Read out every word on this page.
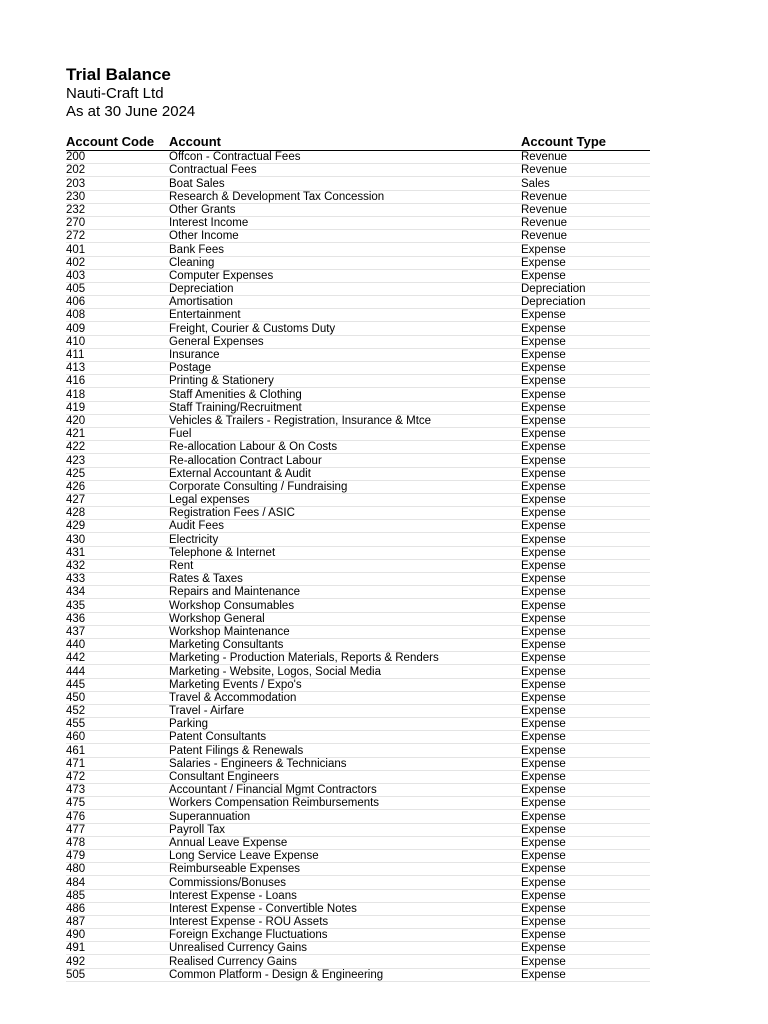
Trial Balance
Nauti-Craft Ltd
As at 30 June 2024
Account Code	Account	Account Type
200	Offcon - Contractual Fees	Revenue
202	Contractual Fees	Revenue
203	Boat Sales	Sales
230	Research & Development Tax Concession	Revenue
232	Other Grants	Revenue
270	Interest Income	Revenue
272	Other Income	Revenue
401	Bank Fees	Expense
402	Cleaning	Expense
403	Computer Expenses	Expense
405	Depreciation	Depreciation
406	Amortisation	Depreciation
408	Entertainment	Expense
409	Freight, Courier & Customs Duty	Expense
410	General Expenses	Expense
411	Insurance	Expense
413	Postage	Expense
416	Printing & Stationery	Expense
418	Staff Amenities & Clothing	Expense
419	Staff Training/Recruitment	Expense
420	Vehicles & Trailers - Registration, Insurance & Mtce	Expense
421	Fuel	Expense
422	Re-allocation Labour & On Costs	Expense
423	Re-allocation Contract Labour	Expense
425	External Accountant & Audit	Expense
426	Corporate Consulting / Fundraising	Expense
427	Legal expenses	Expense
428	Registration Fees / ASIC	Expense
429	Audit Fees	Expense
430	Electricity	Expense
431	Telephone & Internet	Expense
432	Rent	Expense
433	Rates & Taxes	Expense
434	Repairs and Maintenance	Expense
435	Workshop Consumables	Expense
436	Workshop General	Expense
437	Workshop Maintenance	Expense
440	Marketing Consultants	Expense
442	Marketing - Production Materials, Reports & Renders	Expense
444	Marketing - Website, Logos, Social Media	Expense
445	Marketing Events / Expo's	Expense
450	Travel & Accommodation	Expense
452	Travel - Airfare	Expense
455	Parking	Expense
460	Patent Consultants	Expense
461	Patent Filings & Renewals	Expense
471	Salaries - Engineers & Technicians	Expense
472	Consultant Engineers	Expense
473	Accountant / Financial Mgmt Contractors	Expense
475	Workers Compensation Reimbursements	Expense
476	Superannuation	Expense
477	Payroll Tax	Expense
478	Annual Leave Expense	Expense
479	Long Service Leave Expense	Expense
480	Reimburseable Expenses	Expense
484	Commissions/Bonuses	Expense
485	Interest Expense - Loans	Expense
486	Interest Expense - Convertible Notes	Expense
487	Interest Expense - ROU Assets	Expense
490	Foreign Exchange Fluctuations	Expense
491	Unrealised Currency Gains	Expense
492	Realised Currency Gains	Expense
505	Common Platform - Design & Engineering	Expense
